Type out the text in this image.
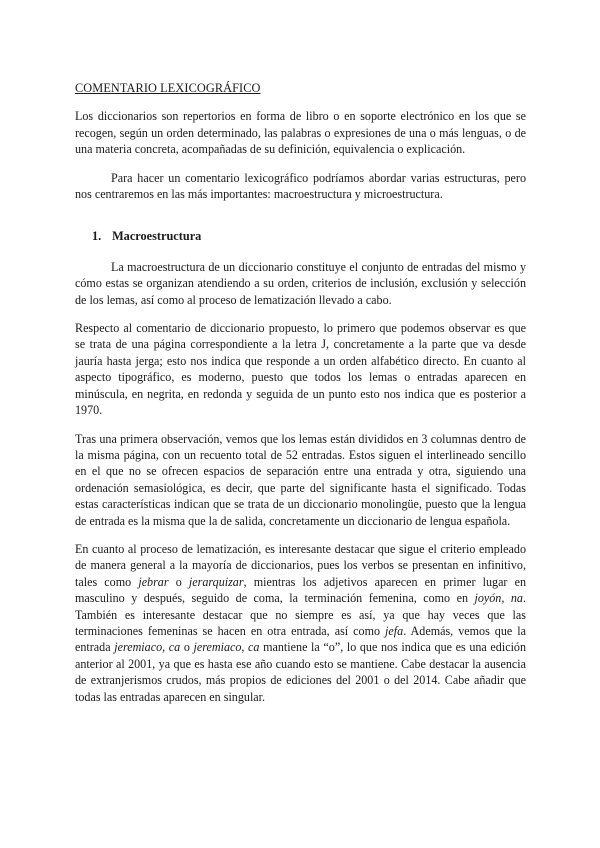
COMENTARIO LEXICOGRÁFICO

Los diccionarios son repertorios en forma de libro o en soporte electrónico en los que se recogen, según un orden determinado, las palabras o expresiones de una o más lenguas, o de una materia concreta, acompañadas de su definición, equivalencia o explicación.

Para hacer un comentario lexicográfico podríamos abordar varias estructuras, pero nos centraremos en las más importantes: macroestructura y microestructura.

1. Macroestructura

La macroestructura de un diccionario constituye el conjunto de entradas del mismo y cómo estas se organizan atendiendo a su orden, criterios de inclusión, exclusión y selección de los lemas, así como al proceso de lematización llevado a cabo.

Respecto al comentario de diccionario propuesto, lo primero que podemos observar es que se trata de una página correspondiente a la letra J, concretamente a la parte que va desde jauría hasta jerga; esto nos indica que responde a un orden alfabético directo. En cuanto al aspecto tipográfico, es moderno, puesto que todos los lemas o entradas aparecen en minúscula, en negrita, en redonda y seguida de un punto esto nos indica que es posterior a 1970.

Tras una primera observación, vemos que los lemas están divididos en 3 columnas dentro de la misma página, con un recuento total de 52 entradas. Estos siguen el interlineado sencillo en el que no se ofrecen espacios de separación entre una entrada y otra, siguiendo una ordenación semasiológica, es decir, que parte del significante hasta el significado. Todas estas características indican que se trata de un diccionario monolingüe, puesto que la lengua de entrada es la misma que la de salida, concretamente un diccionario de lengua española.

En cuanto al proceso de lematización, es interesante destacar que sigue el criterio empleado de manera general a la mayoría de diccionarios, pues los verbos se presentan en infinitivo, tales como jebrar o jerarquizar, mientras los adjetivos aparecen en primer lugar en masculino y después, seguido de coma, la terminación femenina, como en joyón, na. También es interesante destacar que no siempre es así, ya que hay veces que las terminaciones femeninas se hacen en otra entrada, así como jefa. Además, vemos que la entrada jeremiaco, ca o jeremiaco, ca mantiene la “o”, lo que nos indica que es una edición anterior al 2001, ya que es hasta ese año cuando esto se mantiene. Cabe destacar la ausencia de extranjerismos crudos, más propios de ediciones del 2001 o del 2014. Cabe añadir que todas las entradas aparecen en singular.
